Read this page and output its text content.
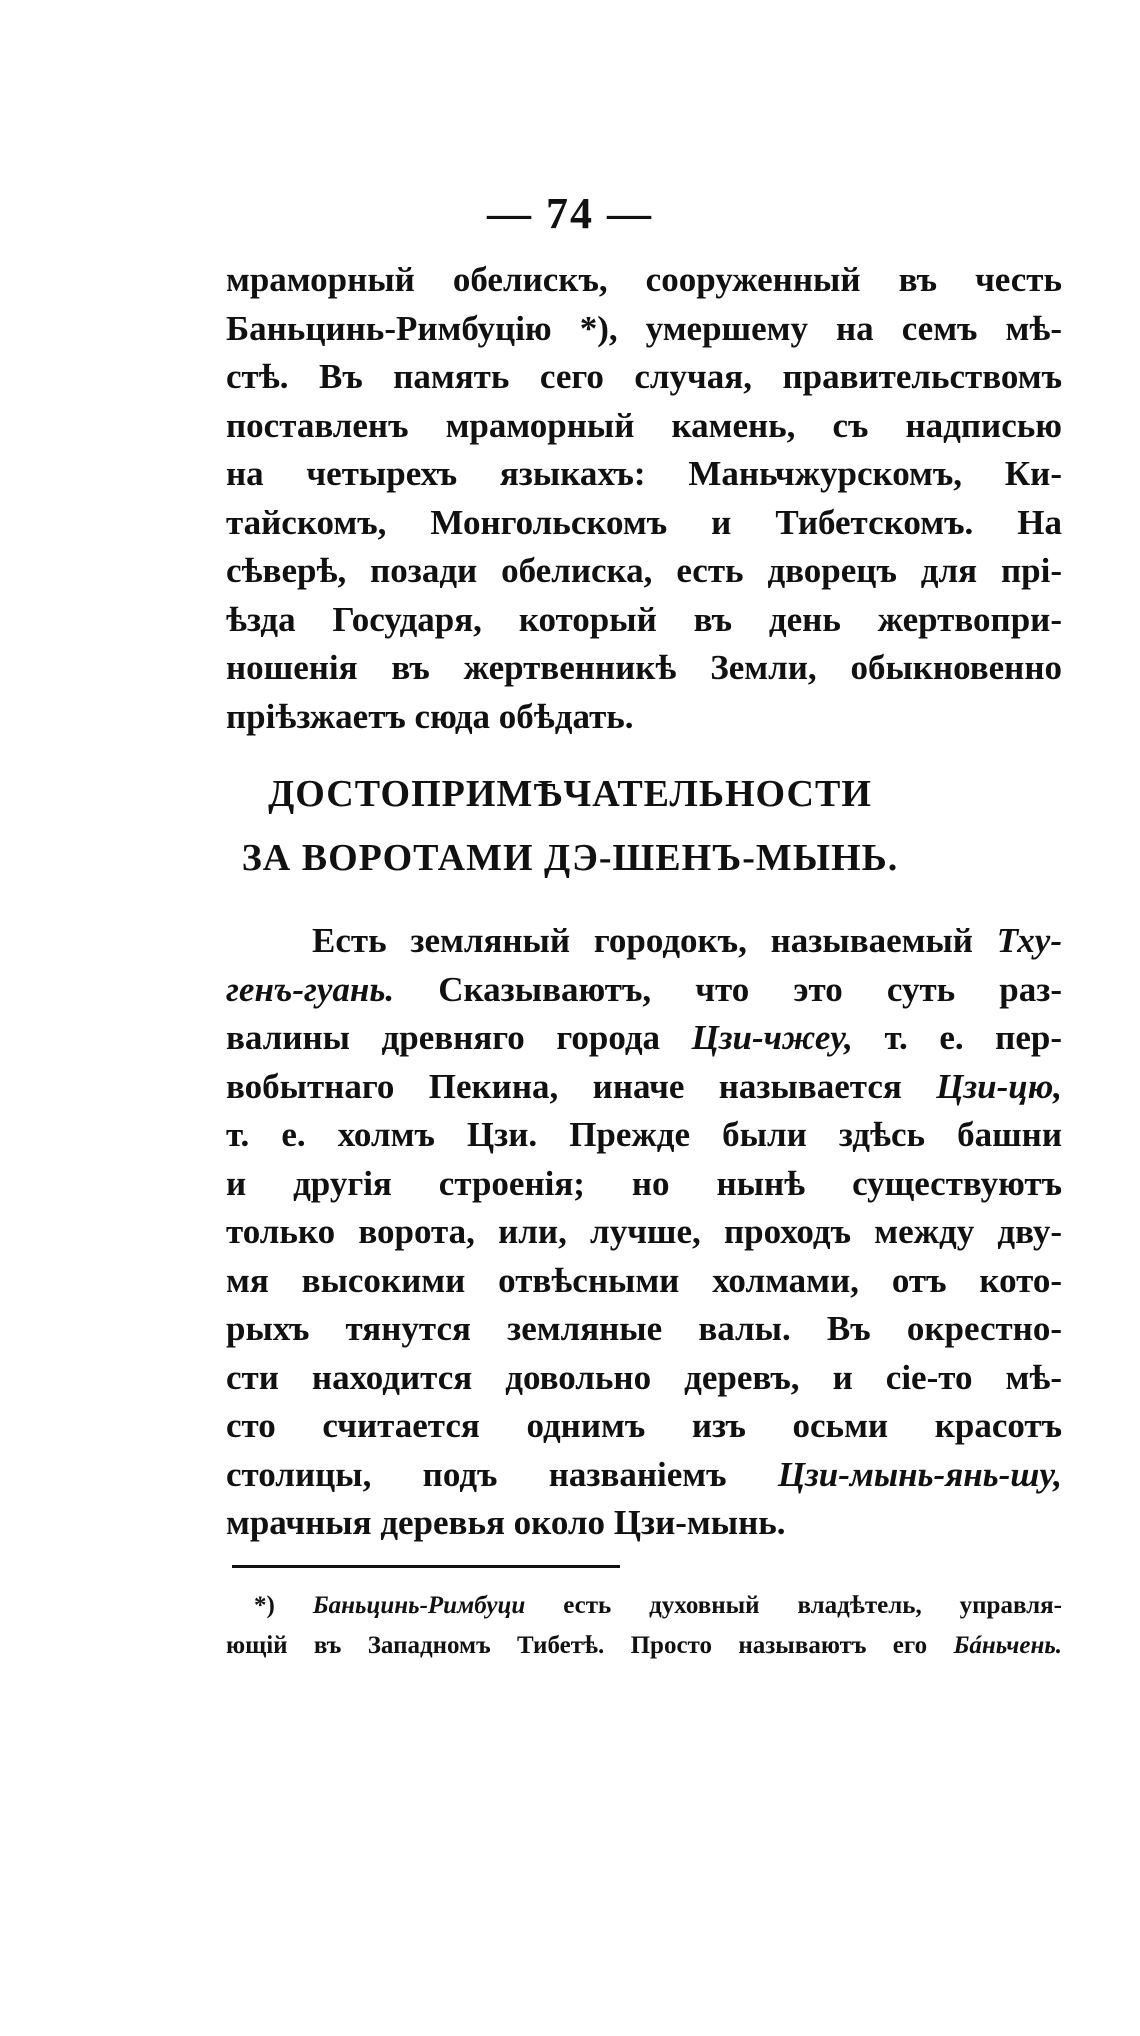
— 74 —
мраморный обелискъ, сооруженный въ честь
Баньцинь-Римбуцію *), умершему на семъ мѣ-
стѣ. Въ память сего случая, правительствомъ
поставленъ мраморный камень, съ надписью
на четырехъ языкахъ: Маньчжурскомъ, Ки-
тайскомъ, Монгольскомъ и Тибетскомъ. На
сѣверѣ, позади обелиска, есть дворецъ для прі-
ѣзда Государя, который въ день жертвопри-
ношенія въ жертвенникѣ Земли, обыкновенно
пріѣзжаетъ сюда обѣдать.
ДОСТОПРИМѢЧАТЕЛЬНОСТИ
ЗА ВОРОТАМИ ДЭ-ШЕНЪ-МЫНЬ.
Есть земляный городокъ, называемый Тху-
генъ-гуань. Сказываютъ, что это суть раз-
валины древняго города Цзи-чжеу, т. е. пер-
вобытнаго Пекина, иначе называется Цзи-цю,
т. е. холмъ Цзи. Прежде были здѣсь башни
и другія строенія; но нынѣ существуютъ
только ворота, или, лучше, проходъ между дву-
мя высокими отвѣсными холмами, отъ кото-
рыхъ тянутся земляные валы. Въ окрестно-
сти находится довольно деревъ, и сіе-то мѣ-
сто считается однимъ изъ осьми красотъ
столицы, подъ названіемъ Цзи-мынь-янь-шу,
мрачныя деревья около Цзи-мынь.
*) Баньцинь-Римбуци есть духовный владѣтель, управля-
ющій въ Западномъ Тибетѣ. Просто называютъ его Бáньчень.
